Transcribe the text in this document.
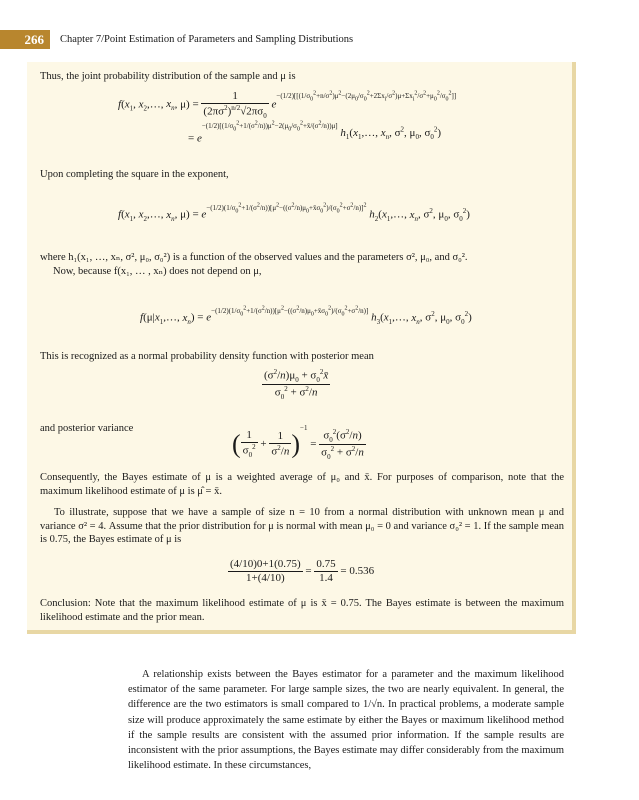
266	Chapter 7/Point Estimation of Parameters and Sampling Distributions

Thus, the joint probability distribution of the sample and μ is

$f(x_1$, $x_2,\dots$, $x_n$, $\mu) = \frac{1}{(2\pi\sigma^2)^{n/2}√2\pi\sigma_0} e^{-(1/2)[[(1/\sigma_0^2+n/\sigma^2)\mu^2-(2\mu_0/\sigma_0^2+2\Sigma x_i/\sigma^2)\mu+\Sigma x_i^2/\sigma^2+\mu_0^2/\sigma_0^2]]}$
= $e^{-(1/2)[(1/\sigma_0^2+1/(\sigma^2/n))\mu^2-2(\mu_0/\sigma_0^2+x̄/(\sigma^2/n))\mu]}$ $h_1(x_1,\dots$, $x_n$, $\sigma^2$, $\mu_0$, $\sigma_0^2$)

Upon completing the square in the exponent,

$f(x_1$, $x_2,\dots$, $x_n$, $\mu) = e^{-(1/2)(1/\sigma_0^2+1/(\sigma^2/n))[\mu^2-((\sigma^2/n)\mu_0+x̄\sigma_0^2)/(\sigma_0^2+\sigma^2/n)]^2}$ $h_2(x_1,\dots$, $x_n$, $\sigma^2$, $\mu_0$, $\sigma_0^2$)

where h₁(x₁, …, xₙ, σ², μ₀, σ₀²) is a function of the observed values and the parameters σ², μ₀, and σ₀².

Now, because f(x₁, … , xₙ) does not depend on μ,

$f(\mu|x_1,\dots$, $x_n) = e^{-(1/2)(1/\sigma_0^2+1/(\sigma^2/n))[\mu^2-((\sigma^2/n)\mu_0+x̄\sigma_0^2)/(\sigma_0^2+\sigma^2/n)]}$ $h_3(x_1,\dots$, $x_n$, $\sigma^2$, $\mu_0$, $\sigma_0^2$)

This is recognized as a normal probability density function with posterior mean

$\frac{(\sigma^2/n)\mu_0 + \sigma_0^2x̄}{\sigma_0^2 + \sigma^2/n}$

and posterior variance

( $\frac{1}{\sigma_0^2} + \frac{1}{\sigma^2/n} )^{-1} = \frac{\sigma_0^2(\sigma^2/n)}{\sigma_0^2 + \sigma^2/n}$

Consequently, the Bayes estimate of μ is a weighted average of μ₀ and x̄. For purposes of comparison, note that the maximum likelihood estimate of μ is μ̂ = x̄.

To illustrate, suppose that we have a sample of size n = 10 from a normal distribution with unknown mean μ and variance σ² = 4. Assume that the prior distribution for μ is normal with mean μ₀ = 0 and variance σ₀² = 1. If the sample mean is 0.75, the Bayes estimate of μ is

$\frac{(4/10)0+1(0.75)}{1+(4/10)} = \frac{0.75}{1.4} = 0.536$

Conclusion: Note that the maximum likelihood estimate of μ is x̄ = 0.75. The Bayes estimate is between the maximum likelihood estimate and the prior mean.

A relationship exists between the Bayes estimator for a parameter and the maximum likelihood estimator of the same parameter. For large sample sizes, the two are nearly equivalent. In general, the difference are the two estimators is small compared to 1/√n. In practical problems, a moderate sample size will produce approximately the same estimate by either the Bayes or maximum likelihood method if the sample results are consistent with the assumed prior information. If the sample results are inconsistent with the prior assumptions, the Bayes estimate may differ considerably from the maximum likelihood estimate. In these circumstances,
